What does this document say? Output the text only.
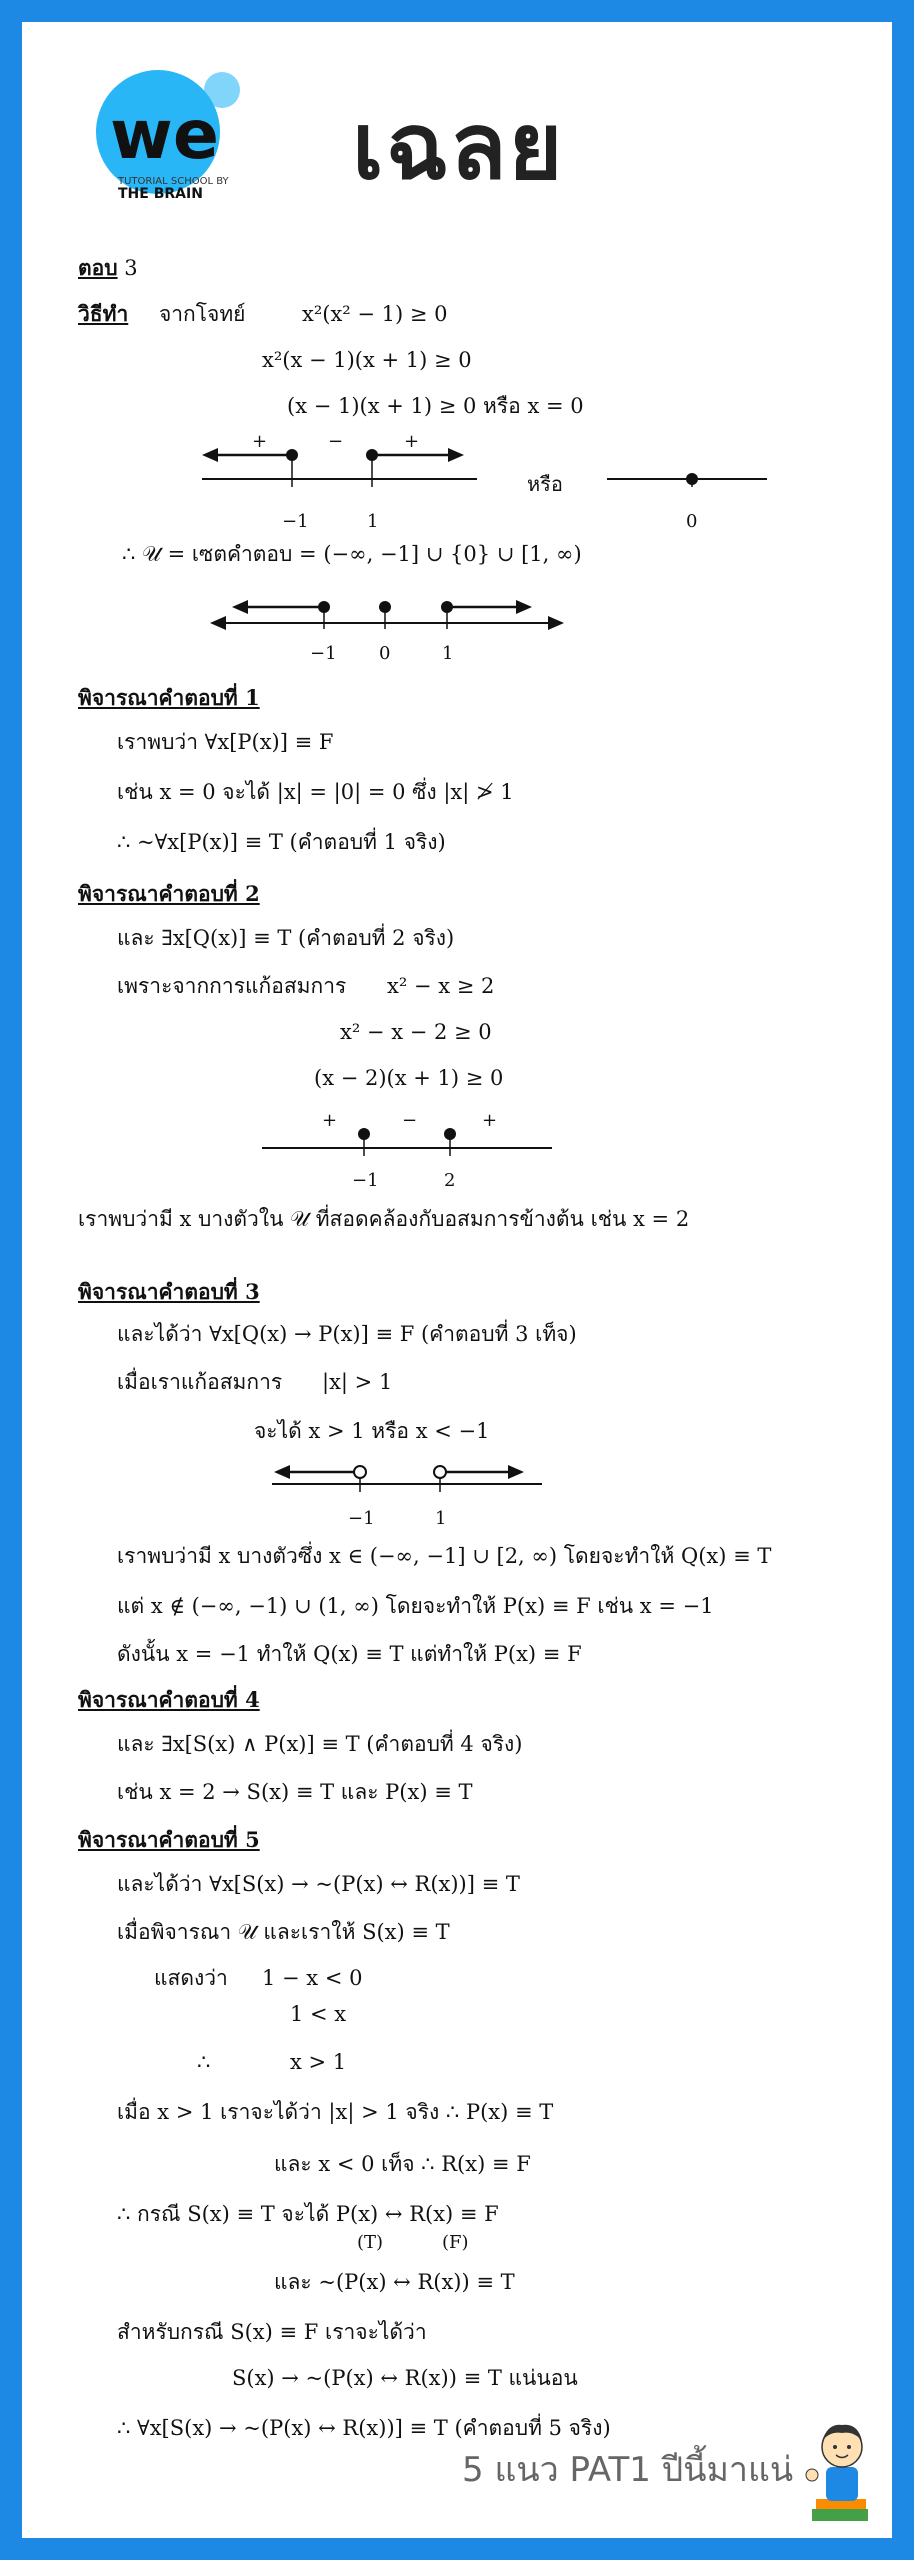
we
TUTORIAL SCHOOL BY
THE BRAIN เฉลย
ตอบ 3
วิธีทำ จากโจทย์	x²(x² − 1) ≥ 0
x²(x − 1)(x + 1) ≥ 0
(x − 1)(x + 1) ≥ 0 หรือ x = 0
+	−	+
−1	1
หรือ
0
∴ 𝒰 = เซตคำตอบ = (−∞, −1] ∪ {0} ∪ [1, ∞)
−1 0	1
พิจารณาคำตอบที่ 1
เราพบว่า ∀x[P(x)] ≡ F
เช่น x = 0 จะได้ |x| = |0| = 0 ซึ่ง |x| ≯ 1
∴ ~∀x[P(x)] ≡ T (คำตอบที่ 1 จริง)
พิจารณาคำตอบที่ 2
และ ∃x[Q(x)] ≡ T (คำตอบที่ 2 จริง)
เพราะจากการแก้อสมการ x² − x ≥ 2
x² − x − 2 ≥ 0
(x − 2)(x + 1) ≥ 0
+	−	+
−1	2
เราพบว่ามี x บางตัวใน 𝒰 ที่สอดคล้องกับอสมการข้างต้น เช่น x = 2
พิจารณาคำตอบที่ 3
และได้ว่า ∀x[Q(x) → P(x)] ≡ F (คำตอบที่ 3 เท็จ)
เมื่อเราแก้อสมการ |x| > 1
จะได้ x > 1 หรือ x < −1
−1	1
เราพบว่ามี x บางตัวซึ่ง x ∈ (−∞, −1] ∪ [2, ∞) โดยจะทำให้ Q(x) ≡ T
แต่ x ∉ (−∞, −1) ∪ (1, ∞) โดยจะทำให้ P(x) ≡ F เช่น x = −1
ดังนั้น x = −1 ทำให้ Q(x) ≡ T แต่ทำให้ P(x) ≡ F
พิจารณาคำตอบที่ 4
และ ∃x[S(x) ∧ P(x)] ≡ T (คำตอบที่ 4 จริง)
เช่น x = 2 → S(x) ≡ T และ P(x) ≡ T
พิจารณาคำตอบที่ 5
และได้ว่า ∀x[S(x) → ~(P(x) ↔ R(x))] ≡ T
เมื่อพิจารณา 𝒰 และเราให้ S(x) ≡ T
แสดงว่า 1 − x < 0
1 < x
∴	x > 1
เมื่อ x > 1 เราจะได้ว่า |x| > 1 จริง ∴ P(x) ≡ T
และ x < 0 เท็จ ∴ R(x) ≡ F
∴ กรณี S(x) ≡ T จะได้ P(x) ↔ R(x) ≡ F
(T)	(F)
และ ~(P(x) ↔ R(x)) ≡ T
สำหรับกรณี S(x) ≡ F เราจะได้ว่า
S(x) → ~(P(x) ↔ R(x)) ≡ T แน่นอน
∴ ∀x[S(x) → ~(P(x) ↔ R(x))] ≡ T (คำตอบที่ 5 จริง)
5 แนว PAT1 ปีนี้มาแน่
